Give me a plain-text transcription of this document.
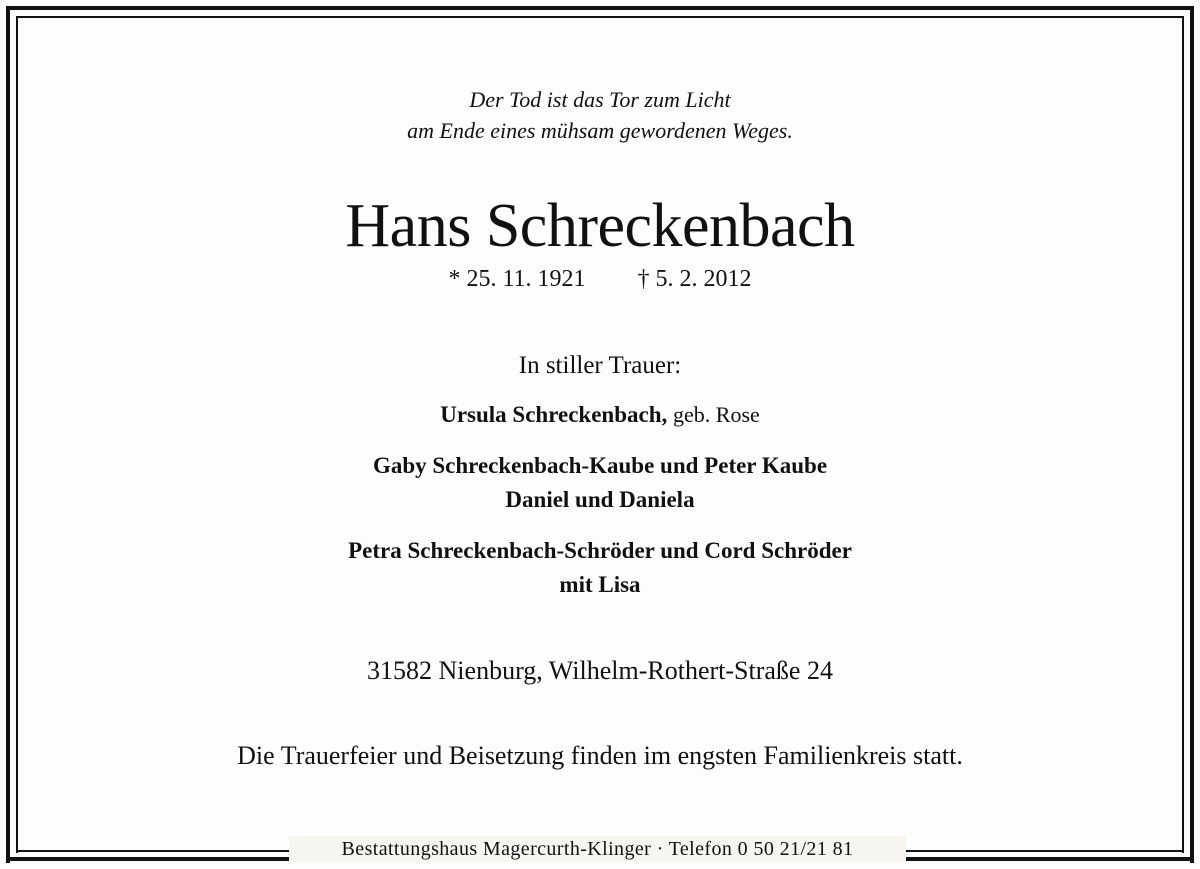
Der Tod ist das Tor zum Licht
am Ende eines mühsam gewordenen Weges.
Hans Schreckenbach
* 25. 11. 1921 † 5. 2. 2012
In stiller Trauer:
Ursula Schreckenbach, geb. Rose
Gaby Schreckenbach-Kaube und Peter Kaube
Daniel und Daniela
Petra Schreckenbach-Schröder und Cord Schröder
mit Lisa
31582 Nienburg, Wilhelm-Rothert-Straße 24
Die Trauerfeier und Beisetzung finden im engsten Familienkreis statt.
Bestattungshaus Magercurth-Klinger · Telefon 0 50 21/21 81
